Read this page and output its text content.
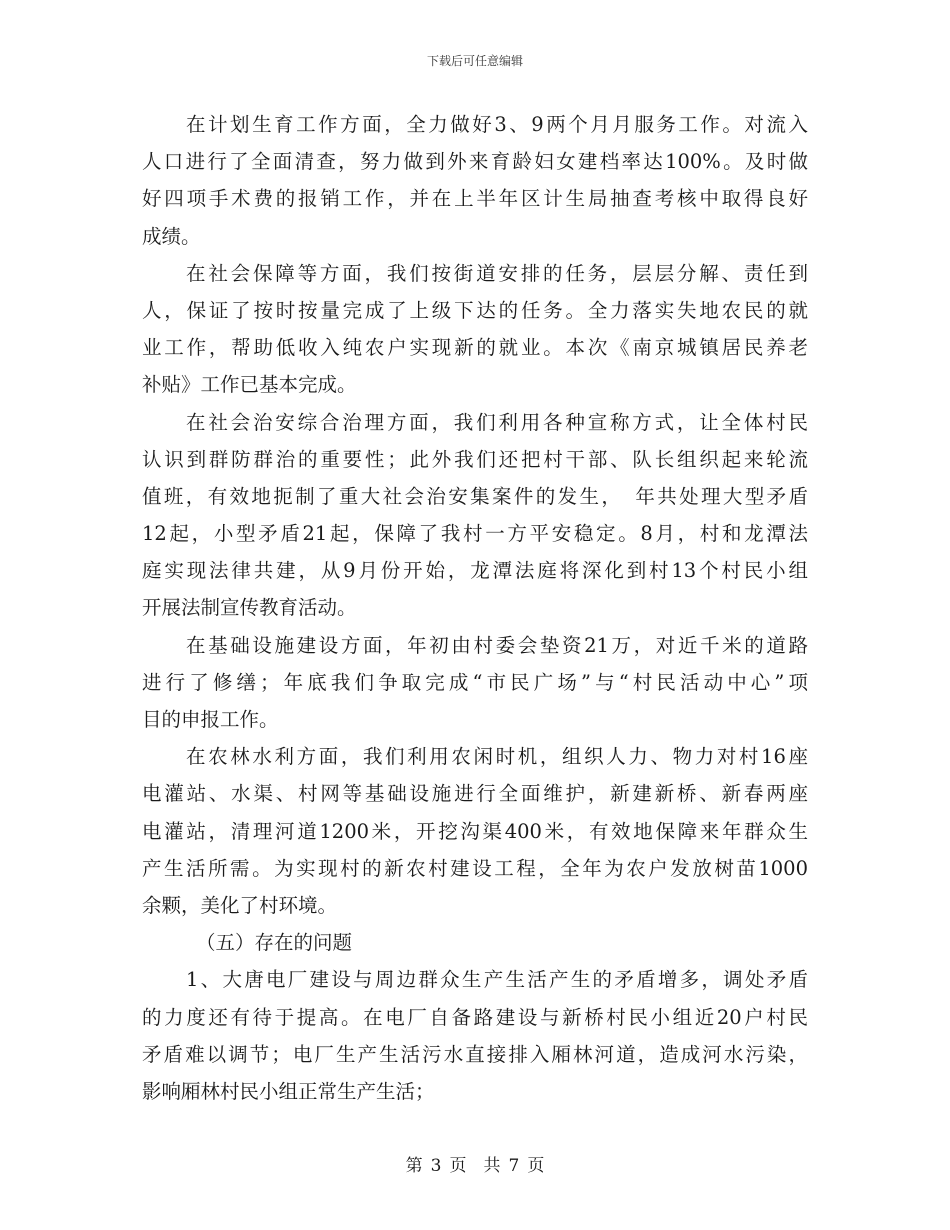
下载后可任意编辑
在计划生育工作方面，全力做好3、9两个月月服务工作。对流入
人口进行了全面清查，努力做到外来育龄妇女建档率达100%。及时做
好四项手术费的报销工作，并在上半年区计生局抽查考核中取得良好
成绩。
在社会保障等方面，我们按街道安排的任务，层层分解、责任到
人，保证了按时按量完成了上级下达的任务。全力落实失地农民的就
业工作，帮助低收入纯农户实现新的就业。本次《南京城镇居民养老
补贴》工作已基本完成。
在社会治安综合治理方面，我们利用各种宣称方式，让全体村民
认识到群防群治的重要性；此外我们还把村干部、队长组织起来轮流
值班，有效地扼制了重大社会治安集案件的发生，　年共处理大型矛盾
12起，小型矛盾21起，保障了我村一方平安稳定。8月，村和龙潭法
庭实现法律共建，从9月份开始，龙潭法庭将深化到村13个村民小组
开展法制宣传教育活动。
在基础设施建设方面，年初由村委会垫资21万，对近千米的道路
进行了修缮；年底我们争取完成“市民广场”与“村民活动中心”项
目的申报工作。
在农林水利方面，我们利用农闲时机，组织人力、物力对村16座
电灌站、水渠、村网等基础设施进行全面维护，新建新桥、新春两座
电灌站，清理河道1200米，开挖沟渠400米，有效地保障来年群众生
产生活所需。为实现村的新农村建设工程，全年为农户发放树苗1000
余颗，美化了村环境。
（五）存在的问题
1、大唐电厂建设与周边群众生产生活产生的矛盾增多，调处矛盾
的力度还有待于提高。在电厂自备路建设与新桥村民小组近20户村民
矛盾难以调节；电厂生产生活污水直接排入厢林河道，造成河水污染，
影响厢林村民小组正常生产生活；
第 3 页　共 7 页
